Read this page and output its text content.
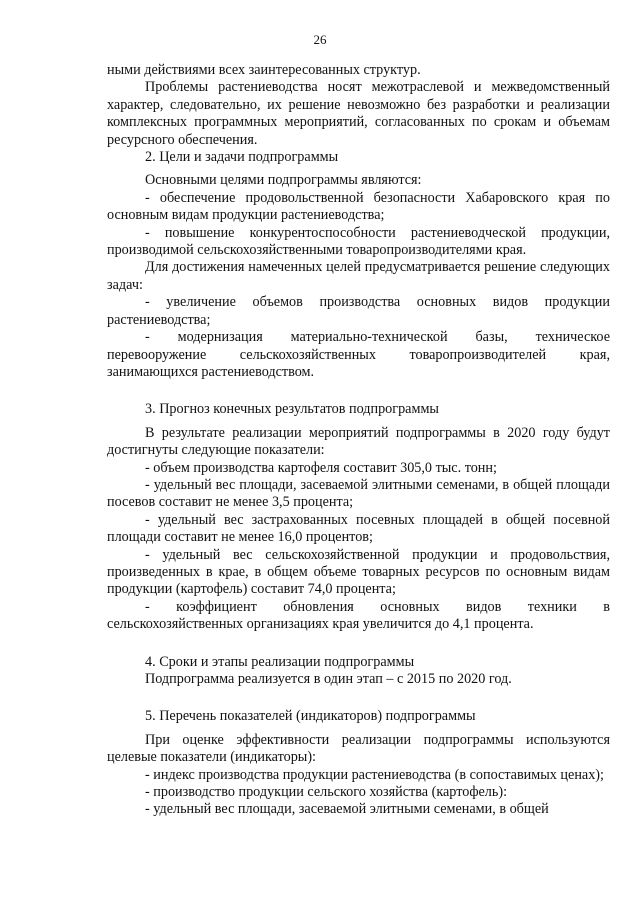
26

ными действиями всех заинтересованных структур.

Проблемы растениеводства носят межотраслевой и межведомственный характер, следовательно, их решение невозможно без разработки и реализации комплексных программных мероприятий, согласованных по срокам и объемам ресурсного обеспечения.

2. Цели и задачи подпрограммы

Основными целями подпрограммы являются:

- обеспечение продовольственной безопасности Хабаровского края по основным видам продукции растениеводства;

- повышение конкурентоспособности растениеводческой продукции, производимой сельскохозяйственными товаропроизводителями края.

Для достижения намеченных целей предусматривается решение следующих задач:

- увеличение объемов производства основных видов продукции растениеводства;

- модернизация материально-технической базы, техническое перевооружение сельскохозяйственных товаропроизводителей края, занимающихся растениеводством.

3. Прогноз конечных результатов подпрограммы

В результате реализации мероприятий подпрограммы в 2020 году будут достигнуты следующие показатели:

- объем производства картофеля составит 305,0 тыс. тонн;

- удельный вес площади, засеваемой элитными семенами, в общей площади посевов составит не менее 3,5 процента;

- удельный вес застрахованных посевных площадей в общей посевной площади составит не менее 16,0 процентов;

- удельный вес сельскохозяйственной продукции и продовольствия, произведенных в крае, в общем объеме товарных ресурсов по основным видам продукции (картофель) составит 74,0 процента;

- коэффициент обновления основных видов техники в сельскохозяйственных организациях края увеличится до 4,1 процента.

4. Сроки и этапы реализации подпрограммы

Подпрограмма реализуется в один этап – с 2015 по 2020 год.

5. Перечень показателей (индикаторов) подпрограммы

При оценке эффективности реализации подпрограммы используются целевые показатели (индикаторы):

- индекс производства продукции растениеводства (в сопоставимых ценах);

- производство продукции сельского хозяйства (картофель):

- удельный вес площади, засеваемой элитными семенами, в общей
